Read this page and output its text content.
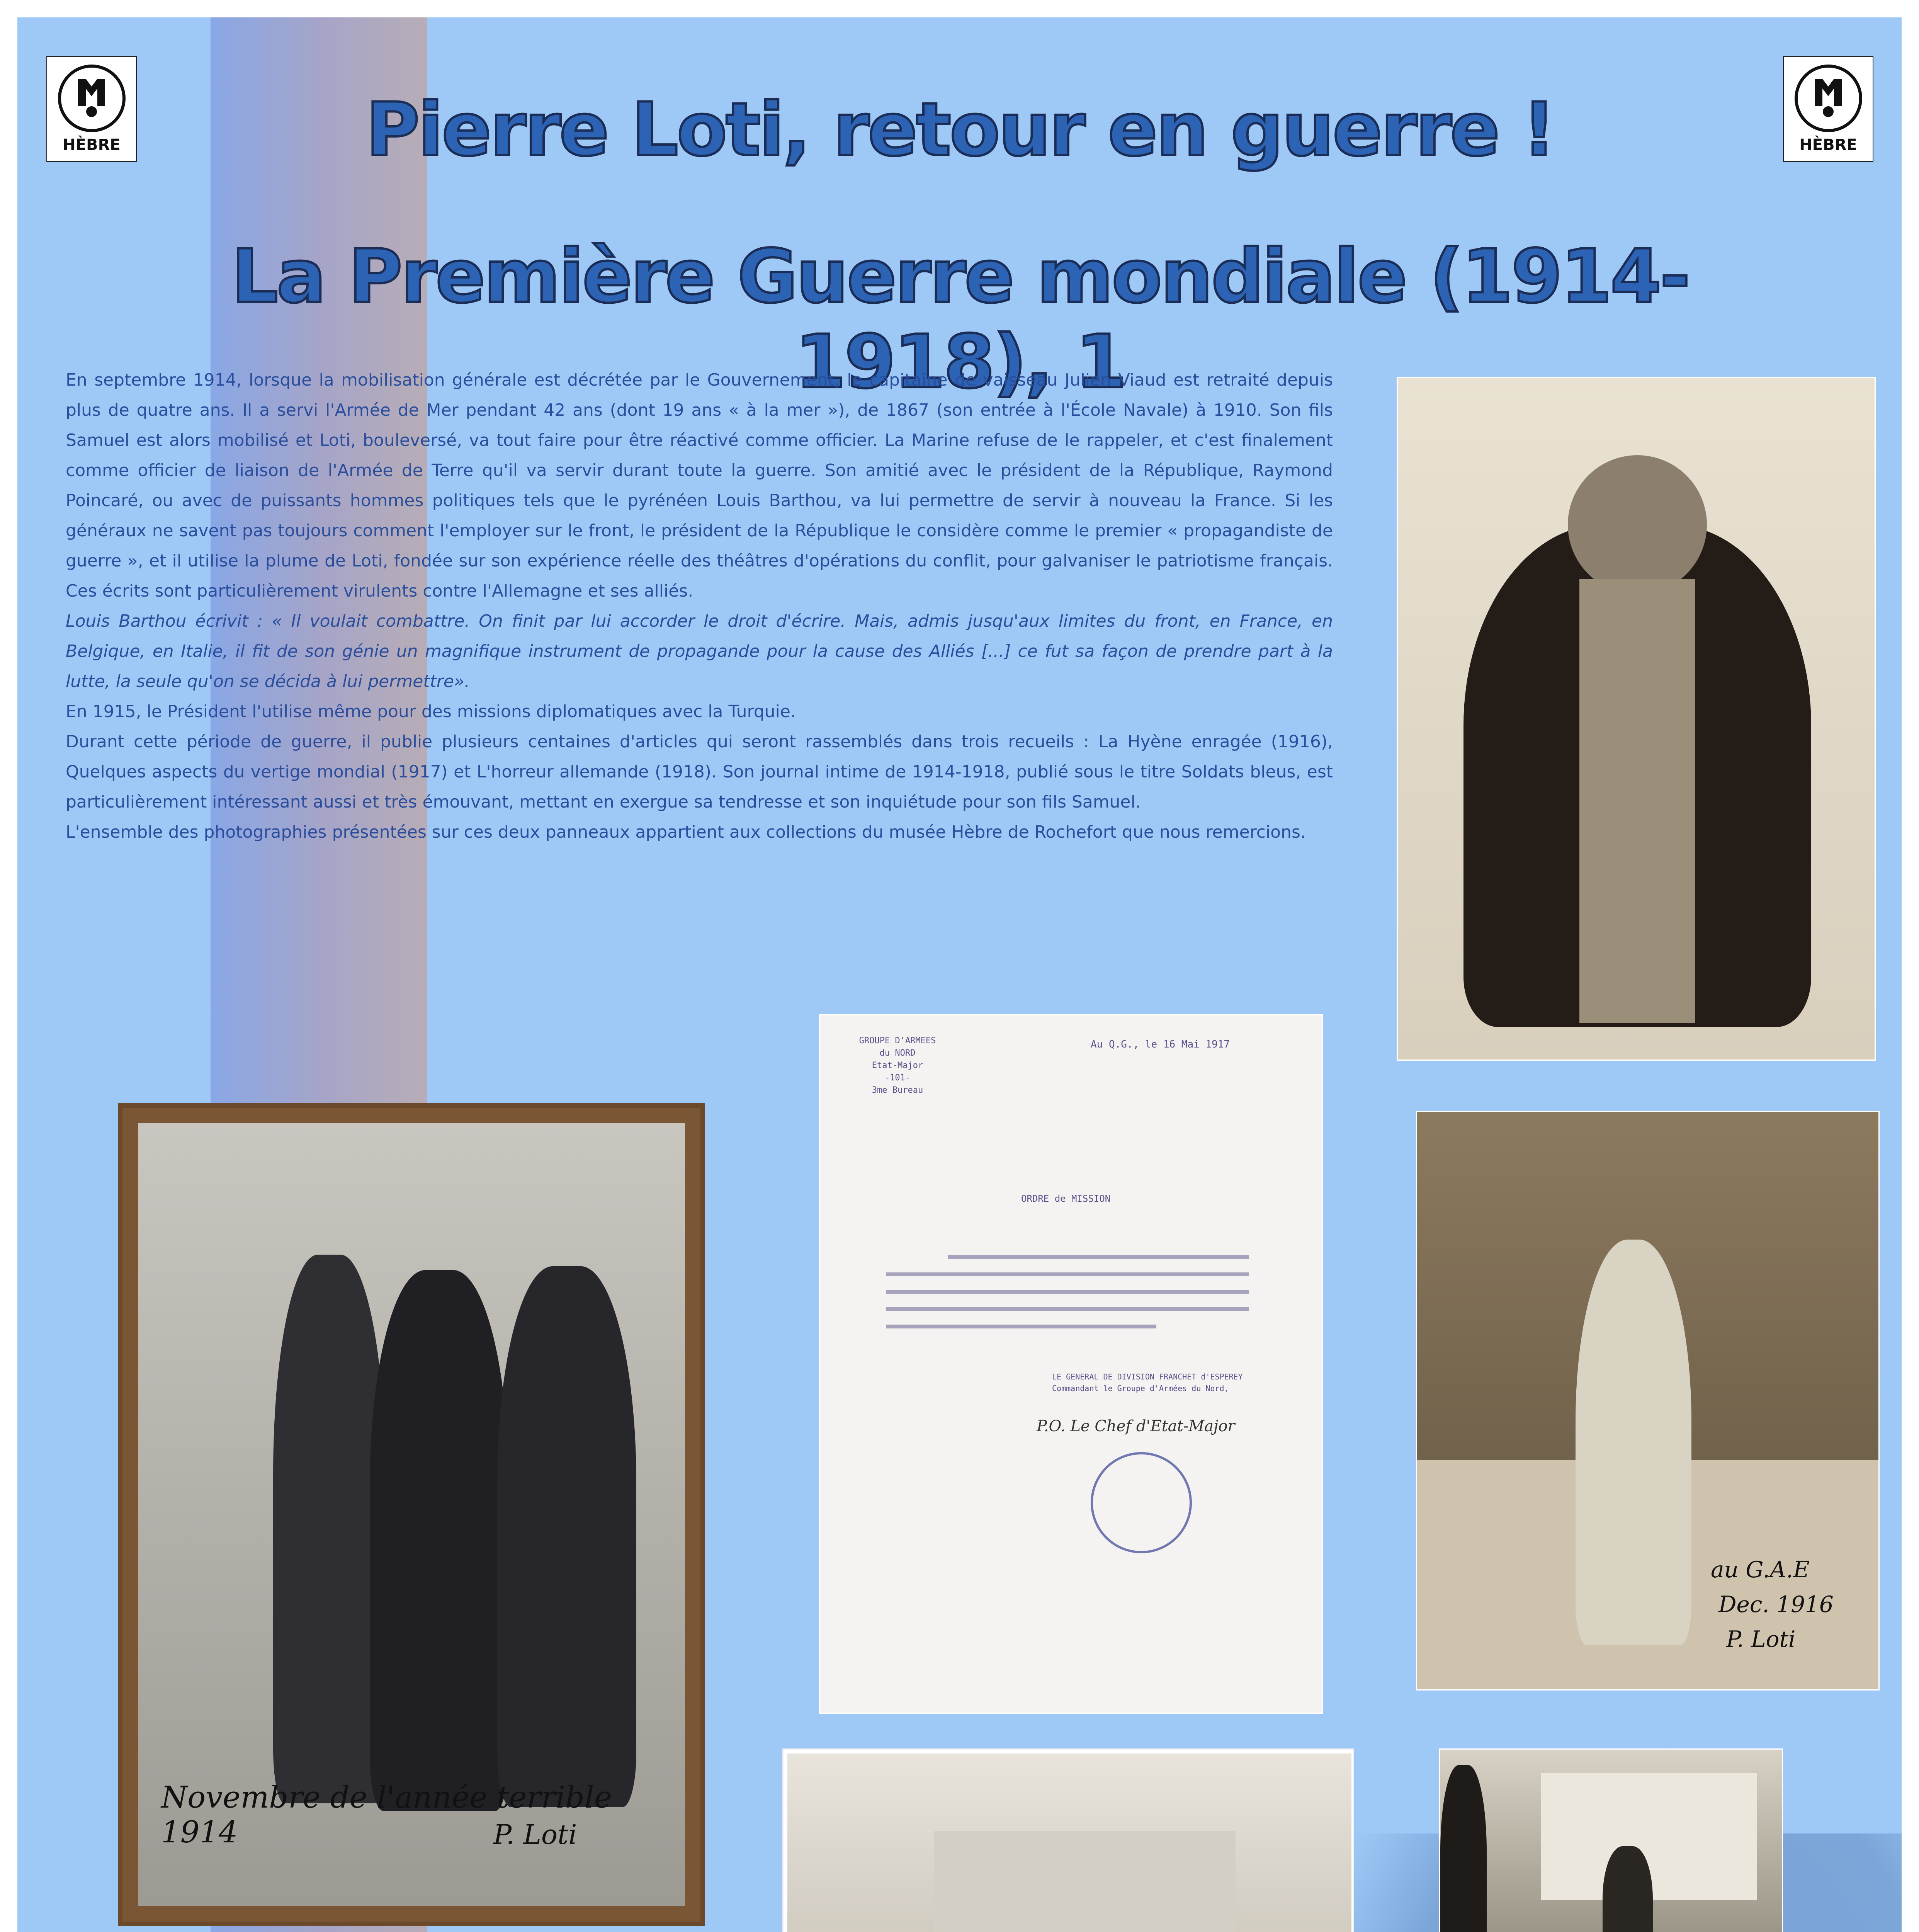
HÈBRE	HÈBRE
Pierre Loti, retour en guerre !
La Première Guerre mondiale (1914-1918), 1

En septembre 1914, lorsque la mobilisation générale est décrétée par le Gouvernement, le capitaine de vaisseau Julien Viaud est retraité depuis plus de quatre ans. Il a servi l'Armée de Mer pendant 42 ans (dont 19 ans « à la mer »), de 1867 (son entrée à l'École Navale) à 1910. Son fils Samuel est alors mobilisé et Loti, bouleversé, va tout faire pour être réactivé comme officier. La Marine refuse de le rappeler, et c'est finalement comme officier de liaison de l'Armée de Terre qu'il va servir durant toute la guerre. Son amitié avec le président de la République, Raymond Poincaré, ou avec de puissants hommes politiques tels que le pyrénéen Louis Barthou, va lui permettre de servir à nouveau la France. Si les généraux ne savent pas toujours comment l'employer sur le front, le président de la République le considère comme le premier « propagandiste de guerre », et il utilise la plume de Loti, fondée sur son expérience réelle des théâtres d'opérations du conflit, pour galvaniser le patriotisme français. Ces écrits sont particulièrement virulents contre l'Allemagne et ses alliés.

Louis Barthou écrivit : « Il voulait combattre. On finit par lui accorder le droit d'écrire. Mais, admis jusqu'aux limites du front, en France, en Belgique, en Italie, il fit de son génie un magnifique instrument de propagande pour la cause des Alliés [...] ce fut sa façon de prendre part à la lutte, la seule qu'on se décida à lui permettre».

En 1915, le Président l'utilise même pour des missions diplomatiques avec la Turquie.

Durant cette période de guerre, il publie plusieurs centaines d'articles qui seront rassemblés dans trois recueils : La Hyène enragée (1916), Quelques aspects du vertige mondial (1917) et L'horreur allemande (1918). Son journal intime de 1914-1918, publié sous le titre Soldats bleus, est particulièrement intéressant aussi et très émouvant, mettant en exergue sa tendresse et son inquiétude pour son fils Samuel.

L'ensemble des photographies présentées sur ces deux panneaux appartient aux collections du musée Hèbre de Rochefort que nous remercions.

Novembre de l'année terrible 1914	P. Loti
GROUPE D'ARMEES
du NORD
Etat-Major
-101-
3me Bureau
Au Q.G., le 16 Mai 1917
ORDRE de MISSION
LE GENERAL DE DIVISION FRANCHET d'ESPEREY
Commandant le Groupe d'Armées du Nord,
P.O. Le Chef d'Etat-Major
au G.A.E
Dec. 1916
P. Loti
